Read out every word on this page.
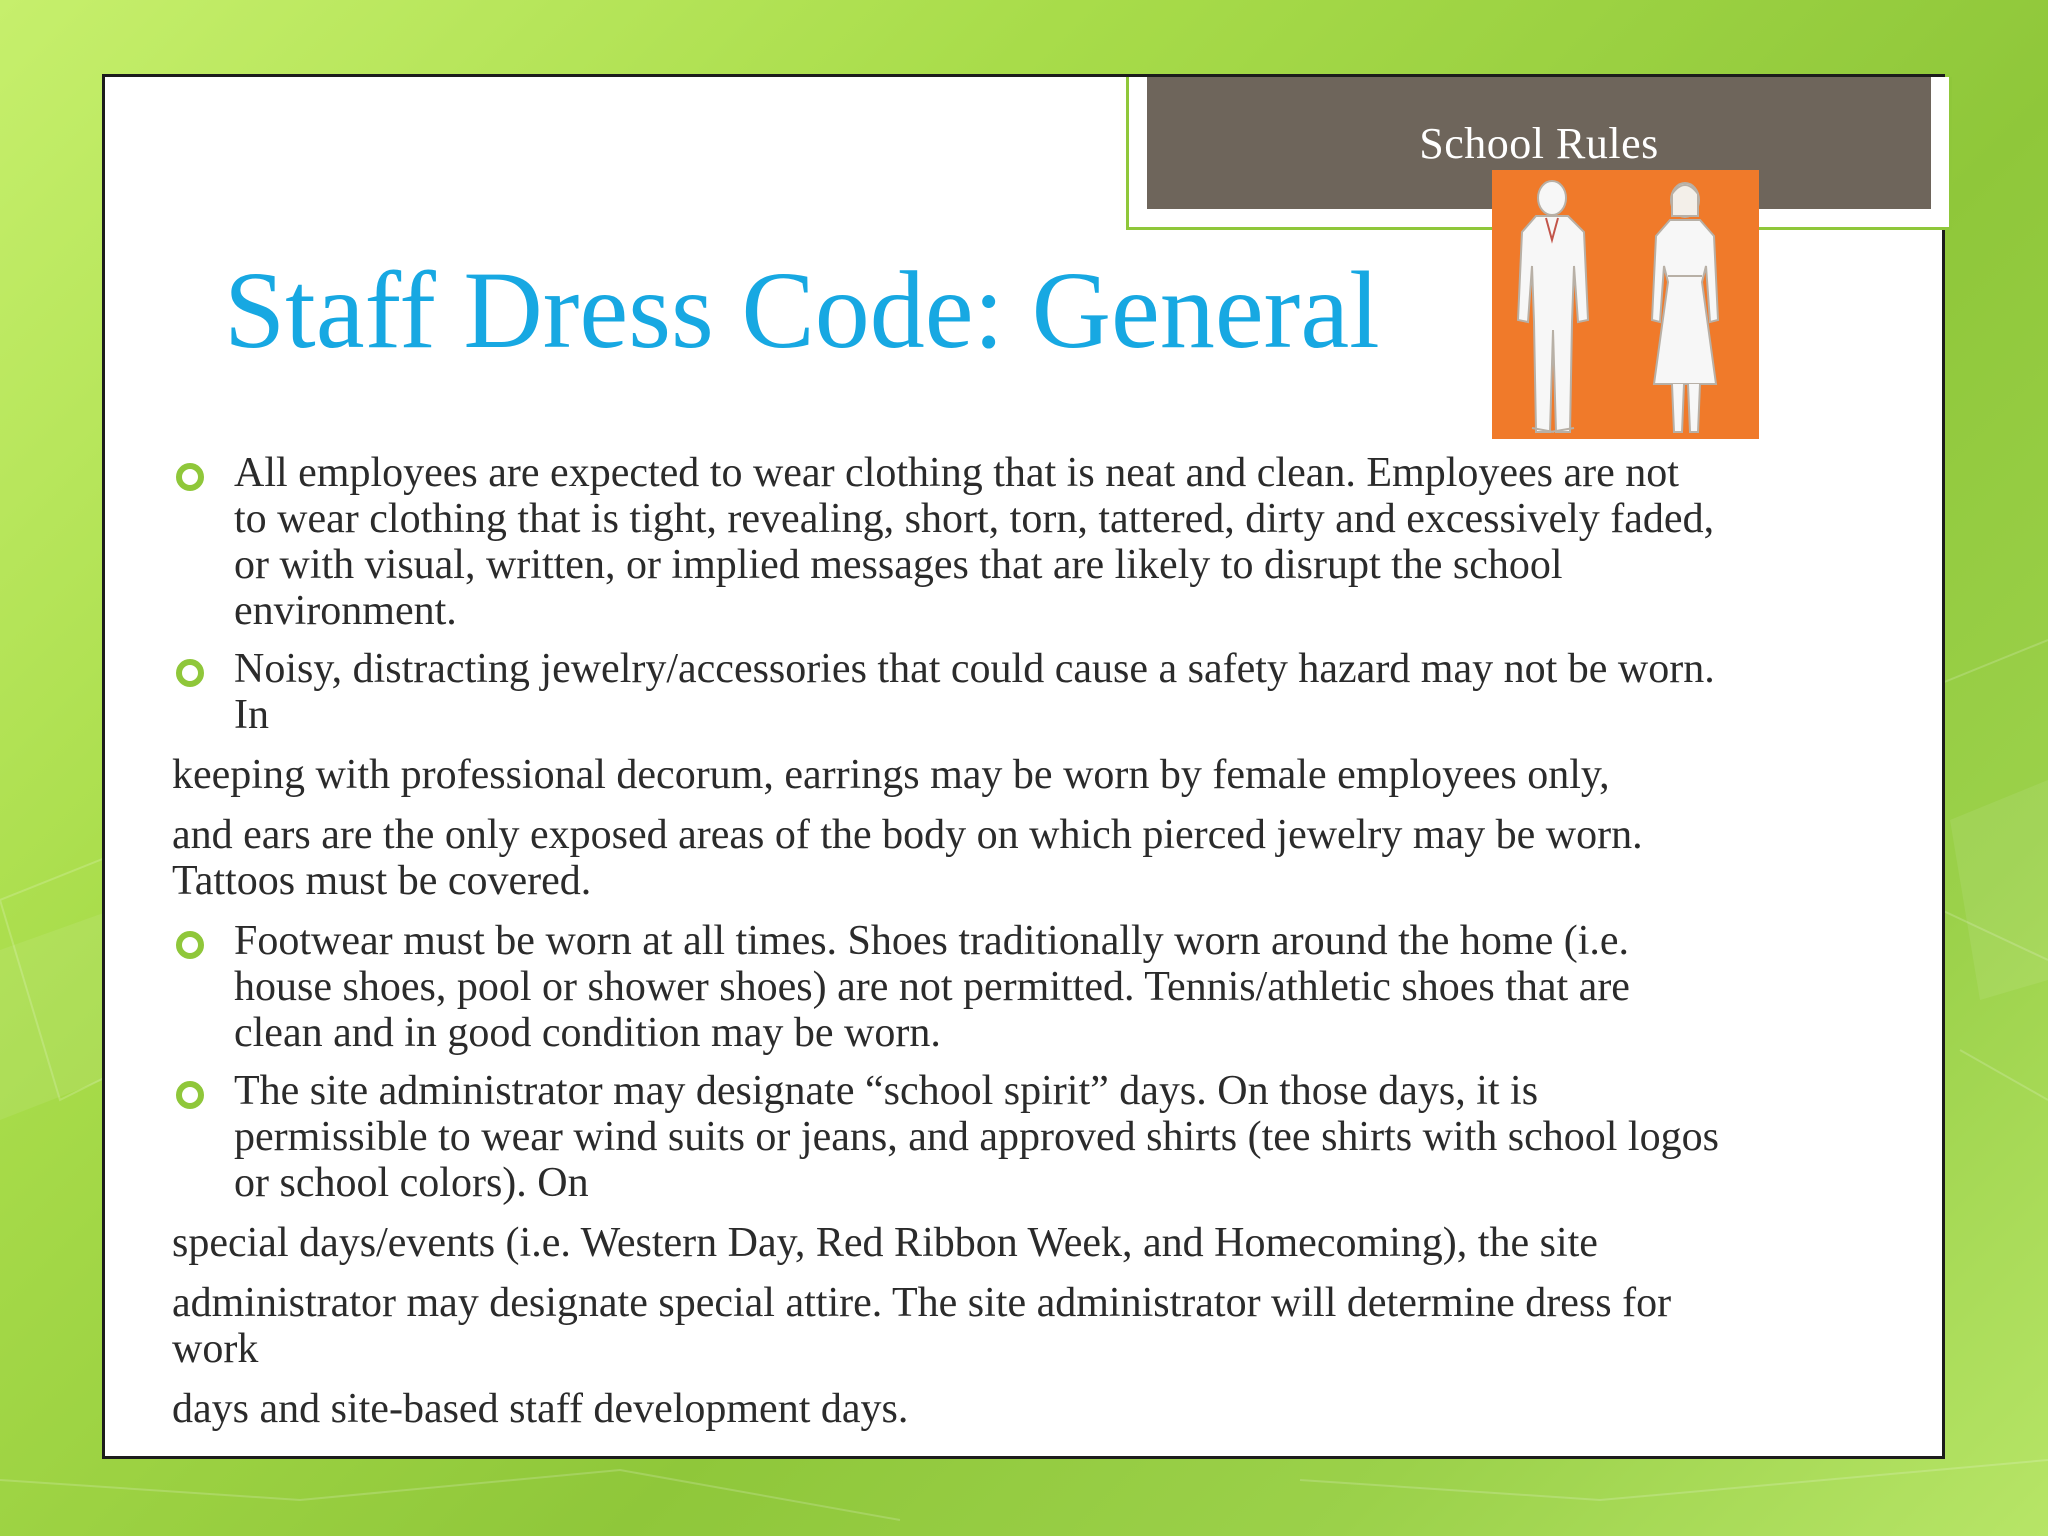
School Rules
Staff Dress Code: General
All employees are expected to wear clothing that is neat and clean. Employees are not
to wear clothing that is tight, revealing, short, torn, tattered, dirty and excessively faded,
or with visual, written, or implied messages that are likely to disrupt the school
environment.
Noisy, distracting jewelry/accessories that could cause a safety hazard may not be worn.
In

keeping with professional decorum, earrings may be worn by female employees only,

and ears are the only exposed areas of the body on which pierced jewelry may be worn.
Tattoos must be covered.
Footwear must be worn at all times. Shoes traditionally worn around the home (i.e.
house shoes, pool or shower shoes) are not permitted. Tennis/athletic shoes that are
clean and in good condition may be worn.
The site administrator may designate “school spirit” days. On those days, it is
permissible to wear wind suits or jeans, and approved shirts (tee shirts with school logos
or school colors). On

special days/events (i.e. Western Day, Red Ribbon Week, and Homecoming), the site

administrator may designate special attire. The site administrator will determine dress for
work

days and site-based staff development days.
